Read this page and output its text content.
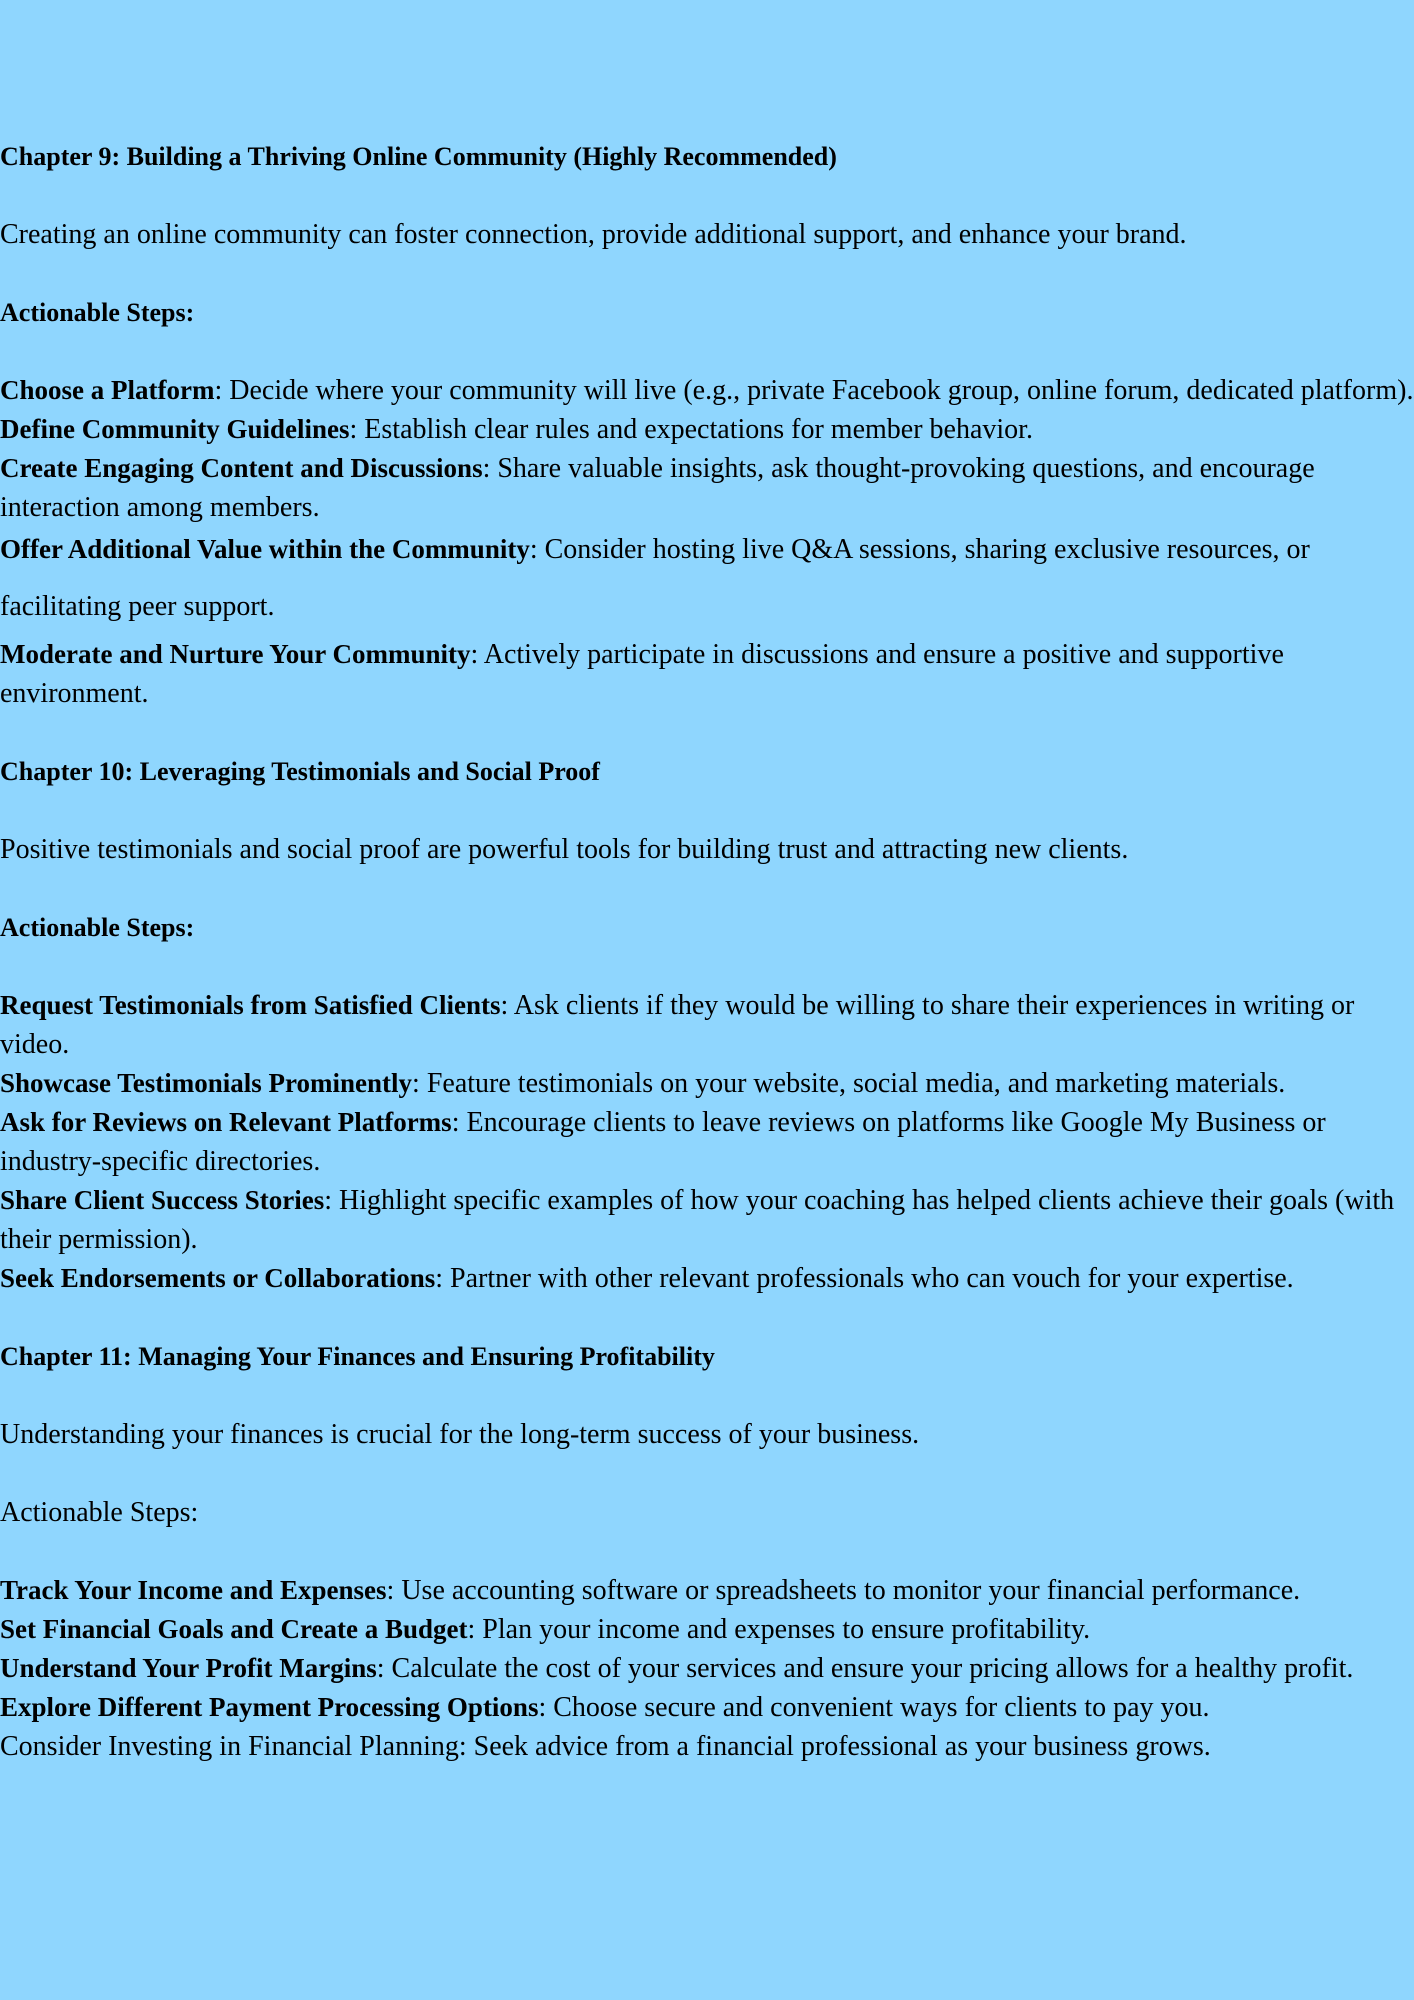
Chapter 9: Building a Thriving Online Community (Highly Recommended)

Creating an online community can foster connection, provide additional support, and enhance your brand.

Actionable Steps:
Choose a Platform: Decide where your community will live (e.g., private Facebook group, online forum, dedicated platform).
Define Community Guidelines: Establish clear rules and expectations for member behavior.
Create Engaging Content and Discussions: Share valuable insights, ask thought-provoking questions, and encourage interaction among members.
Offer Additional Value within the Community: Consider hosting live Q&A sessions, sharing exclusive resources, or facilitating peer support.
Moderate and Nurture Your Community: Actively participate in discussions and ensure a positive and supportive environment.
Chapter 10: Leveraging Testimonials and Social Proof

Positive testimonials and social proof are powerful tools for building trust and attracting new clients.

Actionable Steps:
Request Testimonials from Satisfied Clients: Ask clients if they would be willing to share their experiences in writing or video.
Showcase Testimonials Prominently: Feature testimonials on your website, social media, and marketing materials.
Ask for Reviews on Relevant Platforms: Encourage clients to leave reviews on platforms like Google My Business or industry-specific directories.
Share Client Success Stories: Highlight specific examples of how your coaching has helped clients achieve their goals (with their permission).
Seek Endorsements or Collaborations: Partner with other relevant professionals who can vouch for your expertise.
Chapter 11: Managing Your Finances and Ensuring Profitability

Understanding your finances is crucial for the long-term success of your business.

Actionable Steps:

Track Your Income and Expenses: Use accounting software or spreadsheets to monitor your financial performance.
Set Financial Goals and Create a Budget: Plan your income and expenses to ensure profitability.
Understand Your Profit Margins: Calculate the cost of your services and ensure your pricing allows for a healthy profit.
Explore Different Payment Processing Options: Choose secure and convenient ways for clients to pay you.
Consider Investing in Financial Planning: Seek advice from a financial professional as your business grows.
